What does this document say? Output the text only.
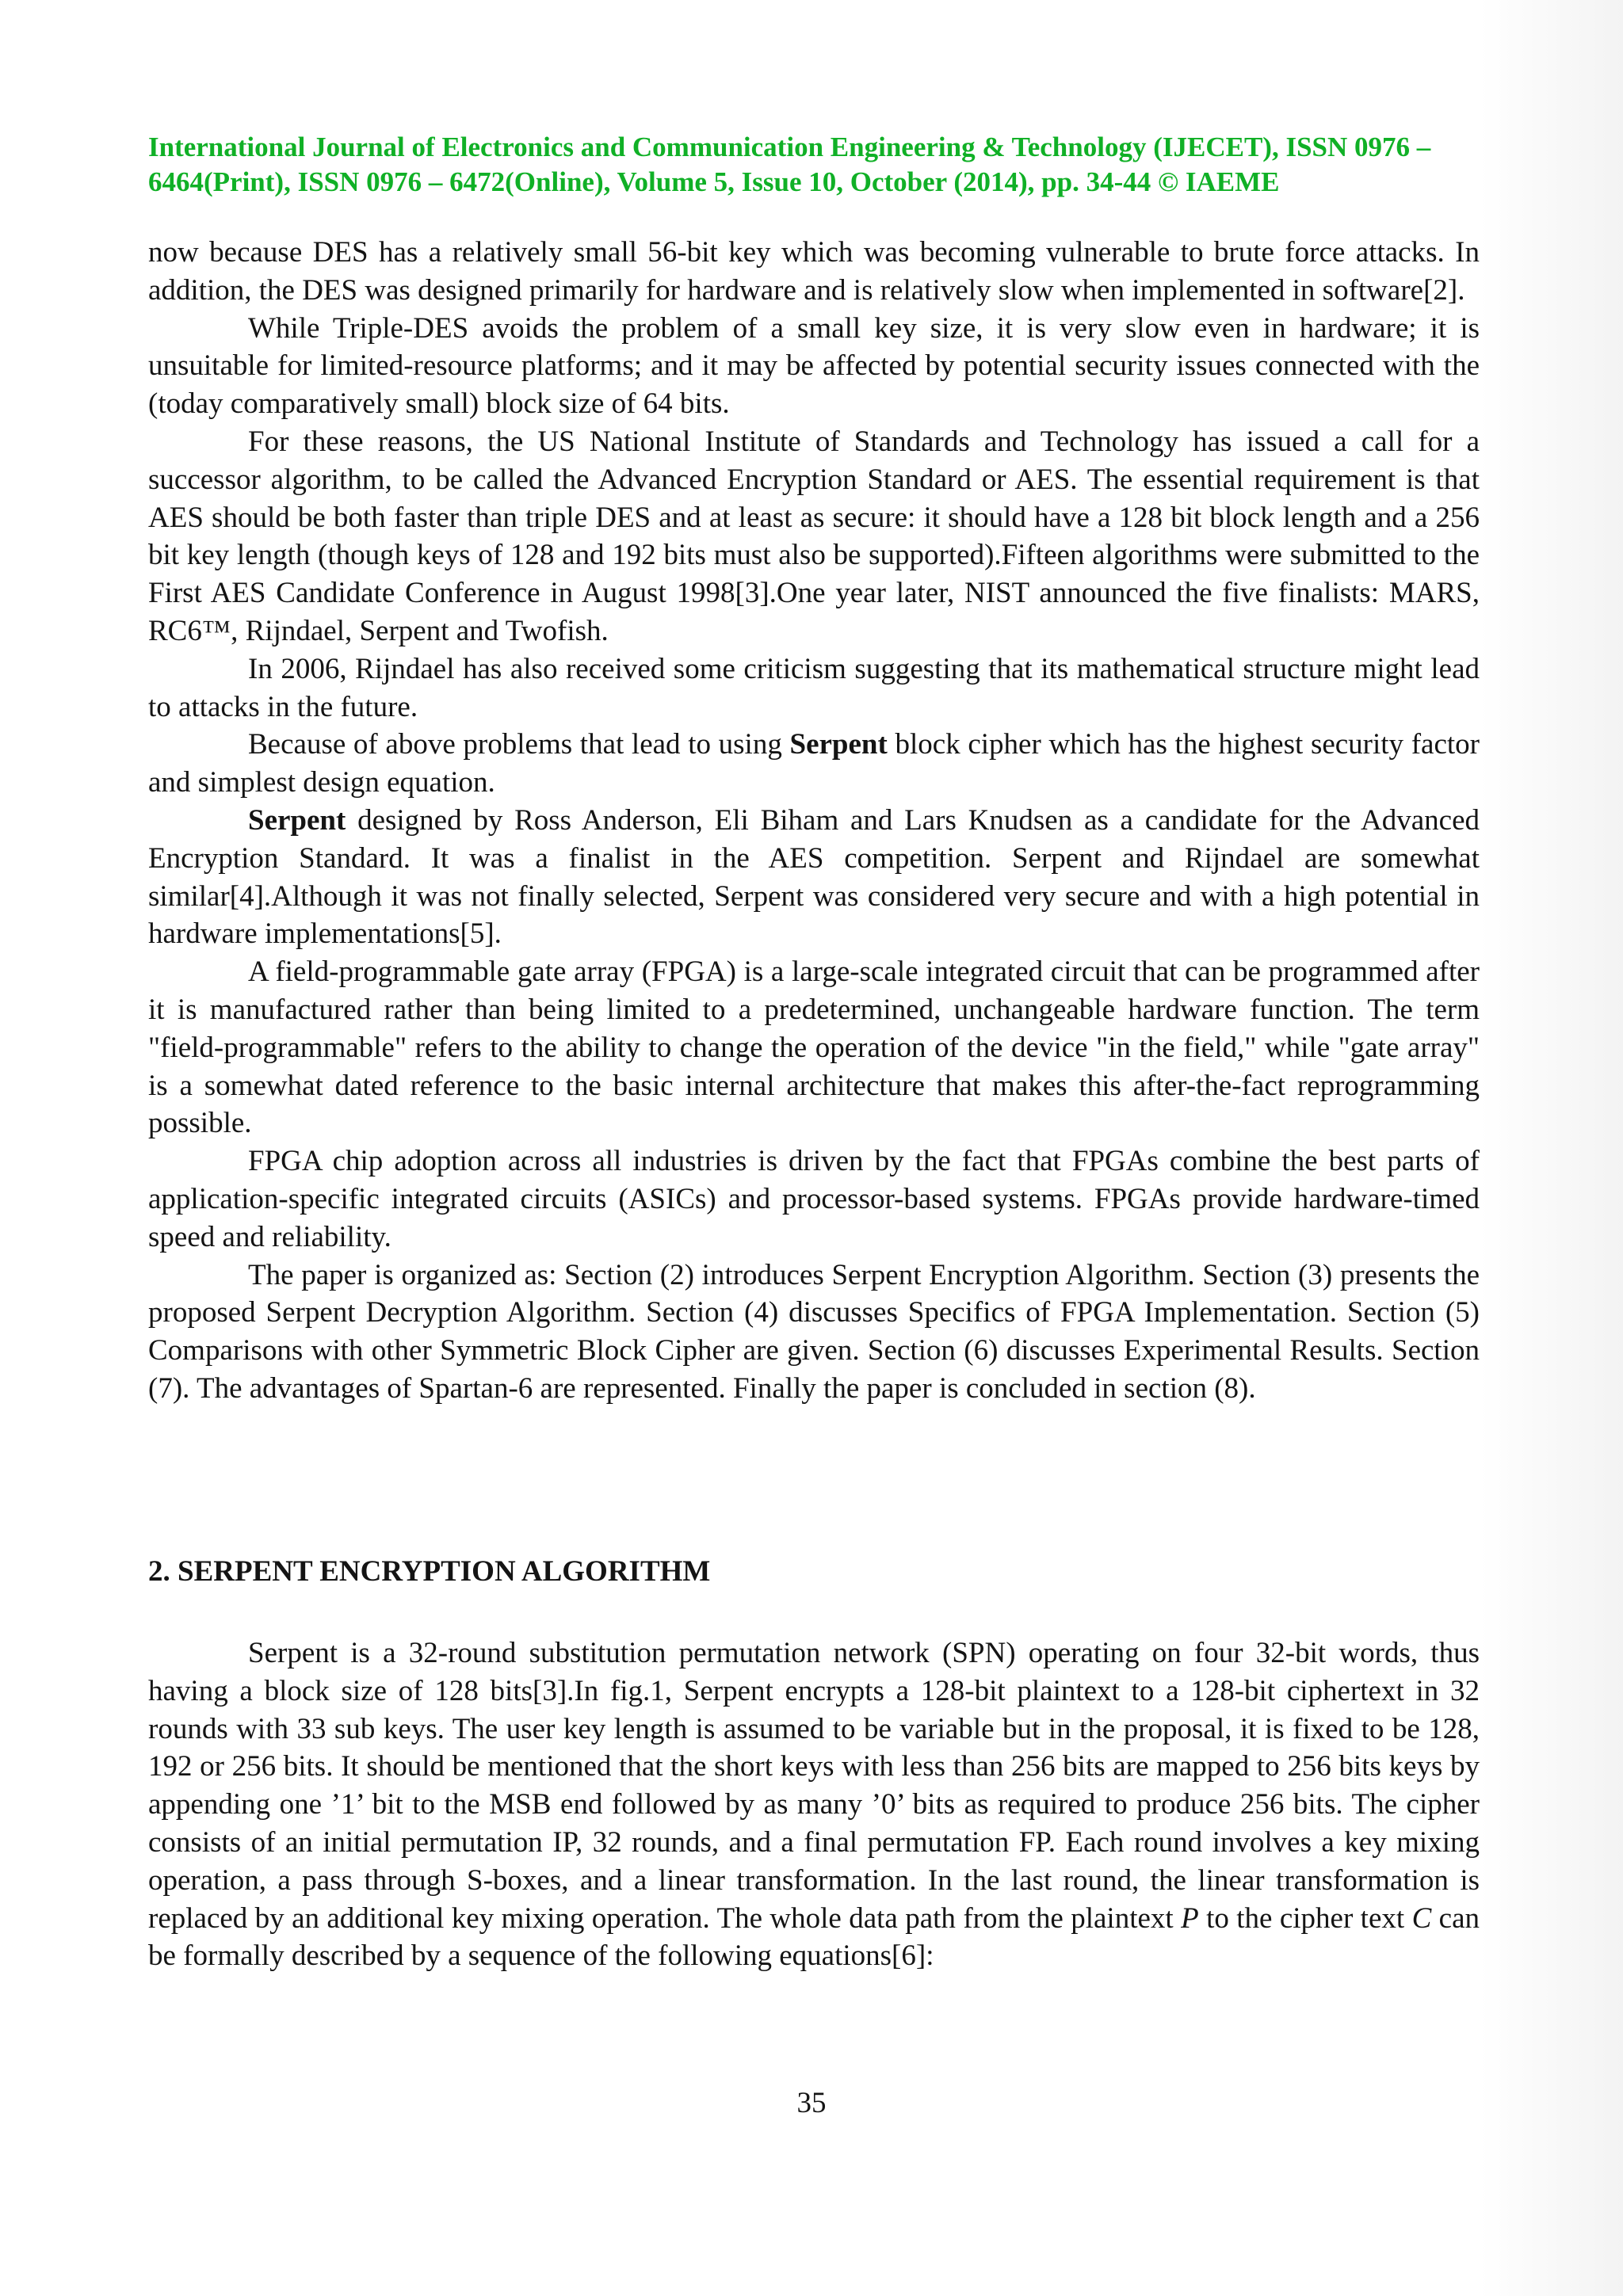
International Journal of Electronics and Communication Engineering & Technology (IJECET), ISSN 0976 –
6464(Print), ISSN 0976 – 6472(Online), Volume 5, Issue 10, October (2014), pp. 34-44 © IAEME

now because DES has a relatively small 56-bit key which was becoming vulnerable to brute force attacks. In addition, the DES was designed primarily for hardware and is relatively slow when implemented in software[2].

While Triple-DES avoids the problem of a small key size, it is very slow even in hardware; it is unsuitable for limited-resource platforms; and it may be affected by potential security issues connected with the (today comparatively small) block size of 64 bits.

For these reasons, the US National Institute of Standards and Technology has issued a call for a successor algorithm, to be called the Advanced Encryption Standard or AES. The essential requirement is that AES should be both faster than triple DES and at least as secure: it should have a 128 bit block length and a 256 bit key length (though keys of 128 and 192 bits must also be supported).Fifteen algorithms were submitted to the First AES Candidate Conference in August 1998[3].One year later, NIST announced the five finalists: MARS, RC6™, Rijndael, Serpent and Twofish.

In 2006, Rijndael has also received some criticism suggesting that its mathematical structure might lead to attacks in the future.

Because of above problems that lead to using Serpent block cipher which has the highest security factor and simplest design equation.

Serpent designed by Ross Anderson, Eli Biham and Lars Knudsen as a candidate for the Advanced Encryption Standard. It was a finalist in the AES competition. Serpent and Rijndael are somewhat similar[4].Although it was not finally selected, Serpent was considered very secure and with a high potential in hardware implementations[5].

A field-programmable gate array (FPGA) is a large-scale integrated circuit that can be programmed after it is manufactured rather than being limited to a predetermined, unchangeable hardware function. The term "field-programmable" refers to the ability to change the operation of the device "in the field," while "gate array" is a somewhat dated reference to the basic internal architecture that makes this after-the-fact reprogramming possible.

FPGA chip adoption across all industries is driven by the fact that FPGAs combine the best parts of application-specific integrated circuits (ASICs) and processor-based systems. FPGAs provide hardware-timed speed and reliability.

The paper is organized as: Section (2) introduces Serpent Encryption Algorithm. Section (3) presents the proposed Serpent Decryption Algorithm. Section (4) discusses Specifics of FPGA Implementation. Section (5) Comparisons with other Symmetric Block Cipher are given. Section (6) discusses Experimental Results. Section (7). The advantages of Spartan-6 are represented. Finally the paper is concluded in section (8).

2. SERPENT ENCRYPTION ALGORITHM

Serpent is a 32-round substitution permutation network (SPN) operating on four 32-bit words, thus having a block size of 128 bits[3].In fig.1, Serpent encrypts a 128-bit plaintext to a 128-bit ciphertext in 32 rounds with 33 sub keys. The user key length is assumed to be variable but in the proposal, it is fixed to be 128, 192 or 256 bits. It should be mentioned that the short keys with less than 256 bits are mapped to 256 bits keys by appending one ’1’ bit to the MSB end followed by as many ’0’ bits as required to produce 256 bits. The cipher consists of an initial permutation IP, 32 rounds, and a final permutation FP. Each round involves a key mixing operation, a pass through S-boxes, and a linear transformation. In the last round, the linear transformation is replaced by an additional key mixing operation. The whole data path from the plaintext P to the cipher text C can be formally described by a sequence of the following equations[6]:

35
